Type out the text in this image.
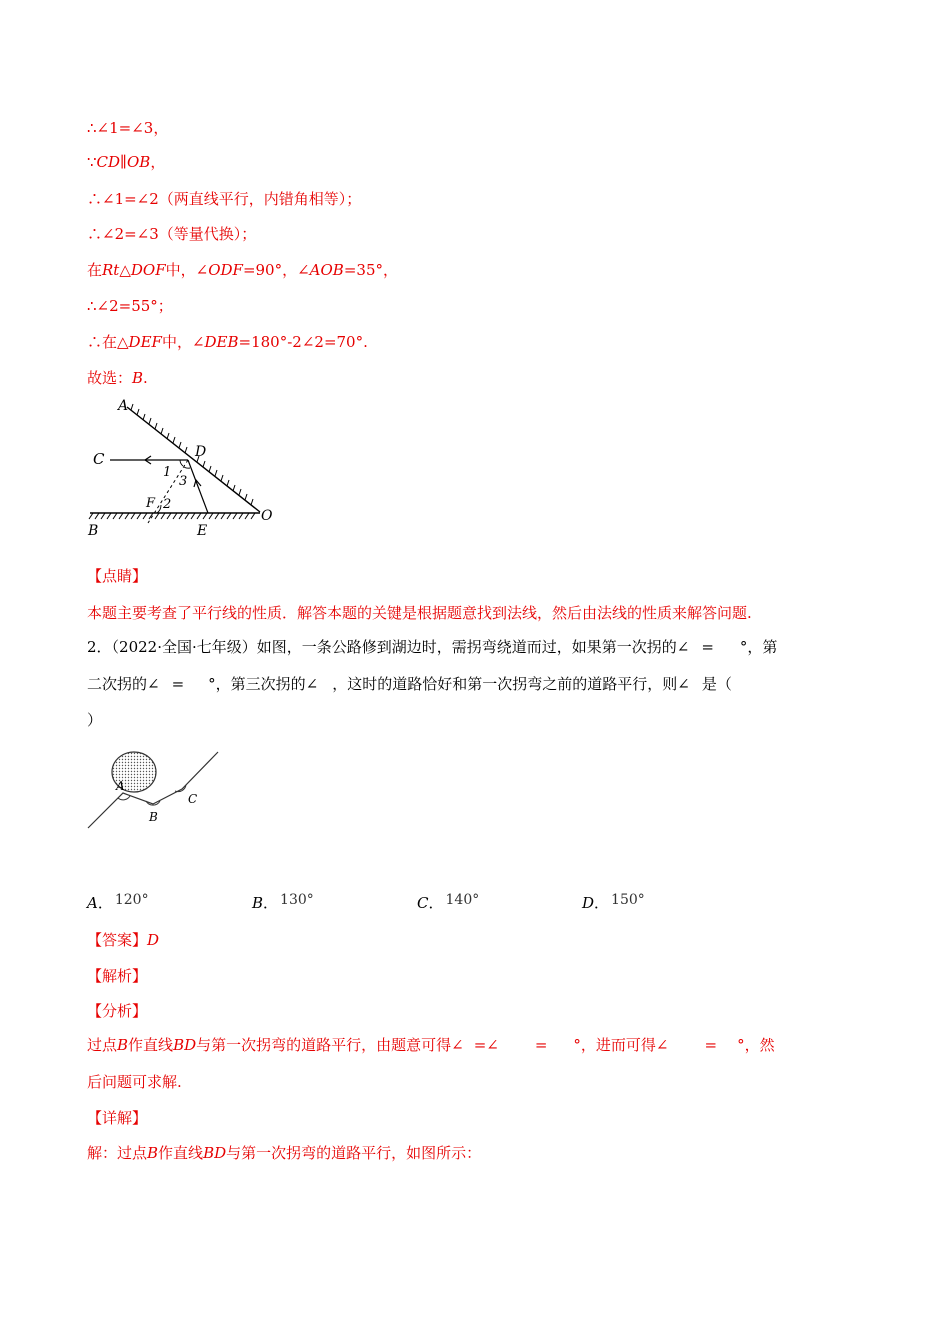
∴∠1=∠3，
∵CD∥OB，
∴∠1=∠2（两直线平行，内错角相等）；
∴∠2=∠3（等量代换）；
在Rt△DOF中，∠ODF=90°，∠AOB=35°，
∴∠2=55°；
∴在△DEF中，∠DEB=180°-2∠2=70°.
故选：B.
A
C	D
1
3
F 2
B	E
O
【点睛】
本题主要考查了平行线的性质．解答本题的关键是根据题意找到法线，然后由法线的性质来解答问题.
2．（2022·全国·七年级）如图，一条公路修到湖边时，需拐弯绕道而过，如果第一次拐的∠ = °，第
二次拐的∠ = °，第三次拐的∠ ，这时的道路恰好和第一次拐弯之前的道路平行，则∠ 是（
）
A
B
C
A． 120°	B． 130°	C． 140°	D． 150°
【答案】D
【解析】
【分析】
过点B作直线BD与第一次拐弯的道路平行，由题意可得∠ =∠ = °，进而可得∠ = °，然
后问题可求解.
【详解】
解：过点B作直线BD与第一次拐弯的道路平行，如图所示：
